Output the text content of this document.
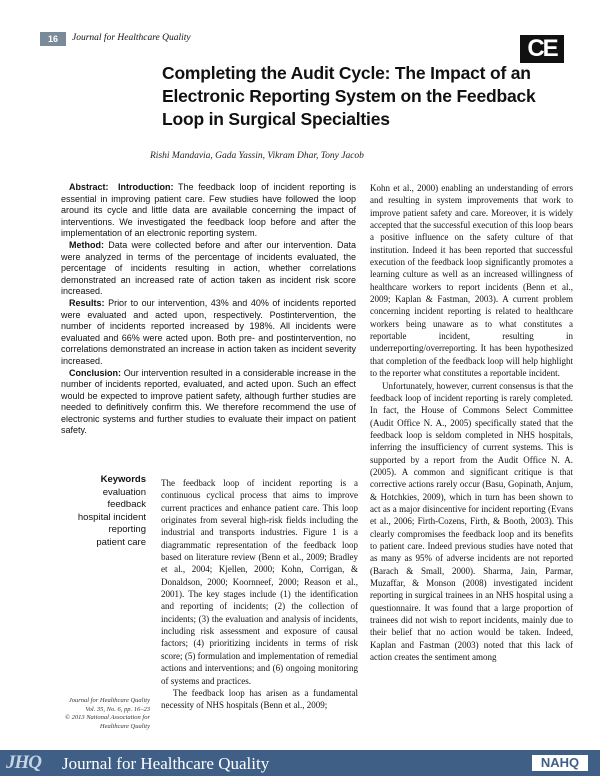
16	Journal for Healthcare Quality	CE
Completing the Audit Cycle: The Impact of an Electronic Reporting System on the Feedback Loop in Surgical Specialties
Rishi Mandavia, Gada Yassin, Vikram Dhar, Tony Jacob

Abstract: Introduction: The feedback loop of incident reporting is essential in improving patient care. Few studies have followed the loop around its cycle and little data are available concerning the impact of interventions. We investigated the feedback loop before and after the implementation of an electronic reporting system.

Method: Data were collected before and after our intervention. Data were analyzed in terms of the percentage of incidents evaluated, the percentage of incidents resulting in action, whether correlations demonstrated an increased rate of action taken as incident risk score increased.

Results: Prior to our intervention, 43% and 40% of incidents reported were evaluated and acted upon, respectively. Postintervention, the number of incidents reported increased by 198%. All incidents were evaluated and 66% were acted upon. Both pre- and postintervention, no correlations demonstrated an increase in action taken as incident severity increased.

Conclusion: Our intervention resulted in a considerable increase in the number of incidents reported, evaluated, and acted upon. Such an effect would be expected to improve patient safety, although further studies are needed to definitively confirm this. We therefore recommend the use of electronic systems and further studies to evaluate their impact on patient safety.

Keywords
evaluation
feedback
hospital incident
reporting
patient care

The feedback loop of incident reporting is a continuous cyclical process that aims to improve current practices and enhance patient care. This loop originates from several high-risk fields including the industrial and transports industries. Figure 1 is a diagrammatic representation of the feedback loop based on literature review (Benn et al., 2009; Bradley et al., 2004; Kjellen, 2000; Kohn, Corrigan, & Donaldson, 2000; Koornneef, 2000; Reason et al., 2001). The key stages include (1) the identification and reporting of incidents; (2) the collection of incidents; (3) the evaluation and analysis of incidents, including risk assessment and exposure of causal factors; (4) prioritizing incidents in terms of risk score; (5) formulation and implementation of remedial actions and interventions; and (6) ongoing monitoring of systems and practices.

The feedback loop has arisen as a fundamental necessity of NHS hospitals (Benn et al., 2009;

Kohn et al., 2000) enabling an understanding of errors and resulting in system improvements that work to improve patient safety and care. Moreover, it is widely accepted that the successful execution of this loop bears a positive influence on the safety culture of that institution. Indeed it has been reported that successful execution of the feedback loop significantly promotes a learning culture as well as an increased willingness of healthcare workers to report incidents (Benn et al., 2009; Kaplan & Fastman, 2003). A current problem concerning incident reporting is related to healthcare workers being unaware as to what constitutes a reportable incident, resulting in underreporting/overreporting. It has been hypothesized that completion of the feedback loop will help highlight to the reporter what constitutes a reportable incident.

Unfortunately, however, current consensus is that the feedback loop of incident reporting is rarely completed. In fact, the House of Commons Select Committee (Audit Office N. A., 2005) specifically stated that the feedback loop is seldom completed in NHS hospitals, inferring the insufficiency of current systems. This is supported by a report from the Audit Office N. A. (2005). A common and significant critique is that corrective actions rarely occur (Basu, Gopinath, Anjum, & Hotchkies, 2009), which in turn has been shown to act as a major disincentive for incident reporting (Evans et al., 2006; Firth-Cozens, Firth, & Booth, 2003). This clearly compromises the feedback loop and its benefits to patient care. Indeed previous studies have noted that as many as 95% of adverse incidents are not reported (Barach & Small, 2000). Sharma, Jain, Parmar, Muzaffar, & Monson (2008) investigated incident reporting in surgical trainees in an NHS hospital using a questionnaire. It was found that a large proportion of trainees did not wish to report incidents, mainly due to their belief that no action would be taken. Indeed, Kaplan and Fastman (2003) noted that this lack of action creates the sentiment among

Journal for Healthcare Quality
Vol. 35, No. 6, pp. 16–23
© 2013 National Association for Healthcare Quality
JHQ Journal for Healthcare Quality	NAHQ
